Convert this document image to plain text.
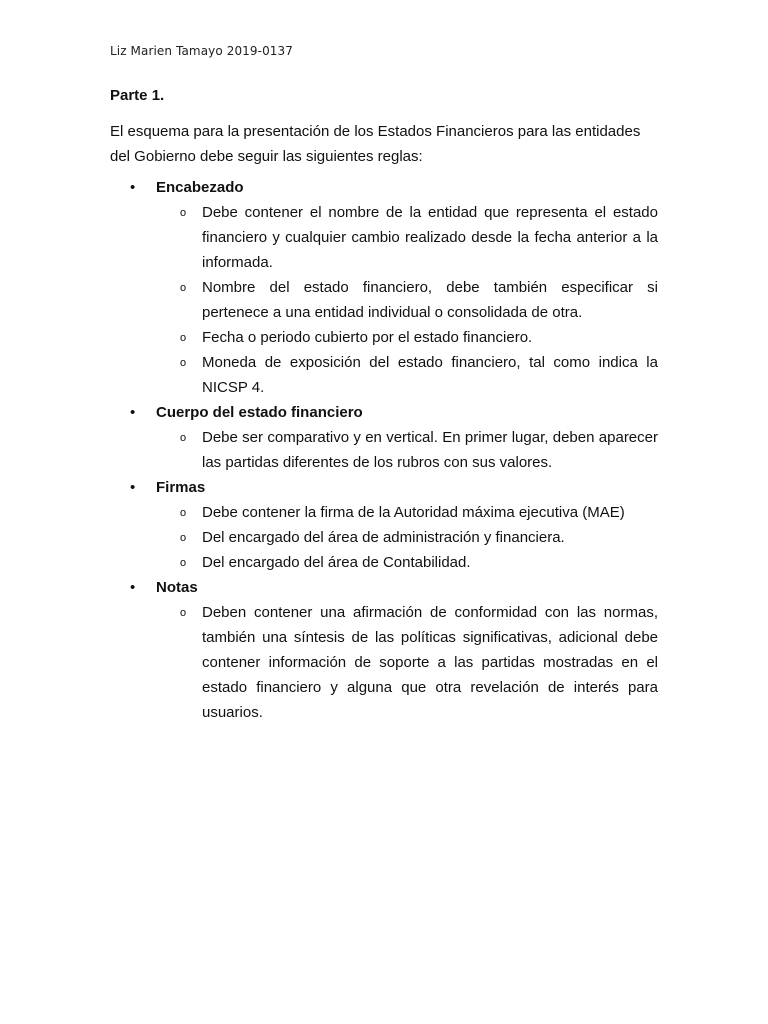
Liz Marien Tamayo 2019-0137

Parte 1.

El esquema para la presentación de los Estados Financieros para las entidades del Gobierno debe seguir las siguientes reglas:

• Encabezado
o Debe contener el nombre de la entidad que representa el estado financiero y cualquier cambio realizado desde la fecha anterior a la informada.
o Nombre del estado financiero, debe también especificar si pertenece a una entidad individual o consolidada de otra.
o Fecha o periodo cubierto por el estado financiero.
o Moneda de exposición del estado financiero, tal como indica la NICSP 4.
• Cuerpo del estado financiero
o Debe ser comparativo y en vertical. En primer lugar, deben aparecer las partidas diferentes de los rubros con sus valores.
• Firmas
o Debe contener la firma de la Autoridad máxima ejecutiva (MAE)
o Del encargado del área de administración y financiera.
o Del encargado del área de Contabilidad.
• Notas
o Deben contener una afirmación de conformidad con las normas, también una síntesis de las políticas significativas, adicional debe contener información de soporte a las partidas mostradas en el estado financiero y alguna que otra revelación de interés para usuarios.
